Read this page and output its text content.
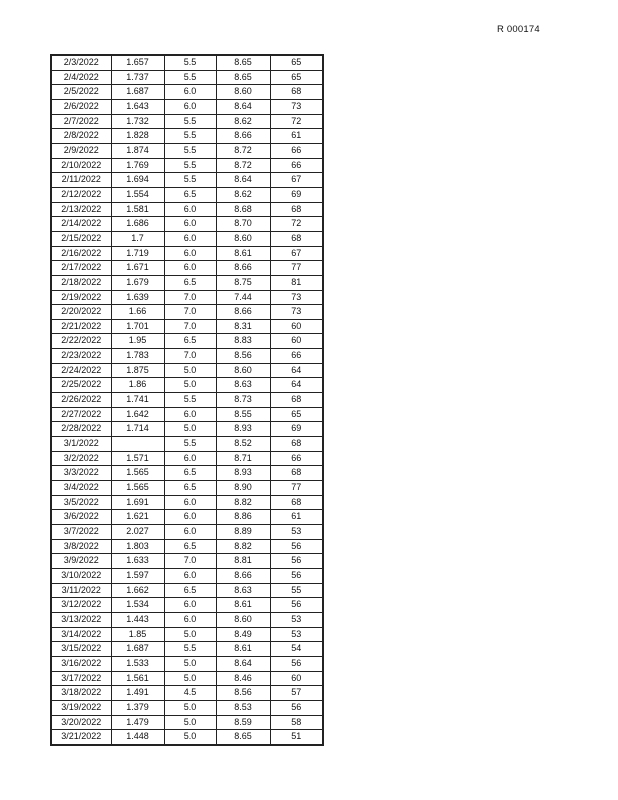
R 000174
2/3/2022	1.657	5.5	8.65	65
2/4/2022	1.737	5.5	8.65	65
2/5/2022	1.687	6.0	8.60	68
2/6/2022	1.643	6.0	8.64	73
2/7/2022	1.732	5.5	8.62	72
2/8/2022	1.828	5.5	8.66	61
2/9/2022	1.874	5.5	8.72	66
2/10/2022	1.769	5.5	8.72	66
2/11/2022	1.694	5.5	8.64	67
2/12/2022	1.554	6.5	8.62	69
2/13/2022	1.581	6.0	8.68	68
2/14/2022	1.686	6.0	8.70	72
2/15/2022	1.7	6.0	8.60	68
2/16/2022	1.719	6.0	8.61	67
2/17/2022	1.671	6.0	8.66	77
2/18/2022	1.679	6.5	8.75	81
2/19/2022	1.639	7.0	7.44	73
2/20/2022	1.66	7.0	8.66	73
2/21/2022	1.701	7.0	8.31	60
2/22/2022	1.95	6.5	8.83	60
2/23/2022	1.783	7.0	8.56	66
2/24/2022	1.875	5.0	8.60	64
2/25/2022	1.86	5.0	8.63	64
2/26/2022	1.741	5.5	8.73	68
2/27/2022	1.642	6.0	8.55	65
2/28/2022	1.714	5.0	8.93	69
3/1/2022		5.5	8.52	68
3/2/2022	1.571	6.0	8.71	66
3/3/2022	1.565	6.5	8.93	68
3/4/2022	1.565	6.5	8.90	77
3/5/2022	1.691	6.0	8.82	68
3/6/2022	1.621	6.0	8.86	61
3/7/2022	2.027	6.0	8.89	53
3/8/2022	1.803	6.5	8.82	56
3/9/2022	1.633	7.0	8.81	56
3/10/2022	1.597	6.0	8.66	56
3/11/2022	1.662	6.5	8.63	55
3/12/2022	1.534	6.0	8.61	56
3/13/2022	1.443	6.0	8.60	53
3/14/2022	1.85	5.0	8.49	53
3/15/2022	1.687	5.5	8.61	54
3/16/2022	1.533	5.0	8.64	56
3/17/2022	1.561	5.0	8.46	60
3/18/2022	1.491	4.5	8.56	57
3/19/2022	1.379	5.0	8.53	56
3/20/2022	1.479	5.0	8.59	58
3/21/2022	1.448	5.0	8.65	51
